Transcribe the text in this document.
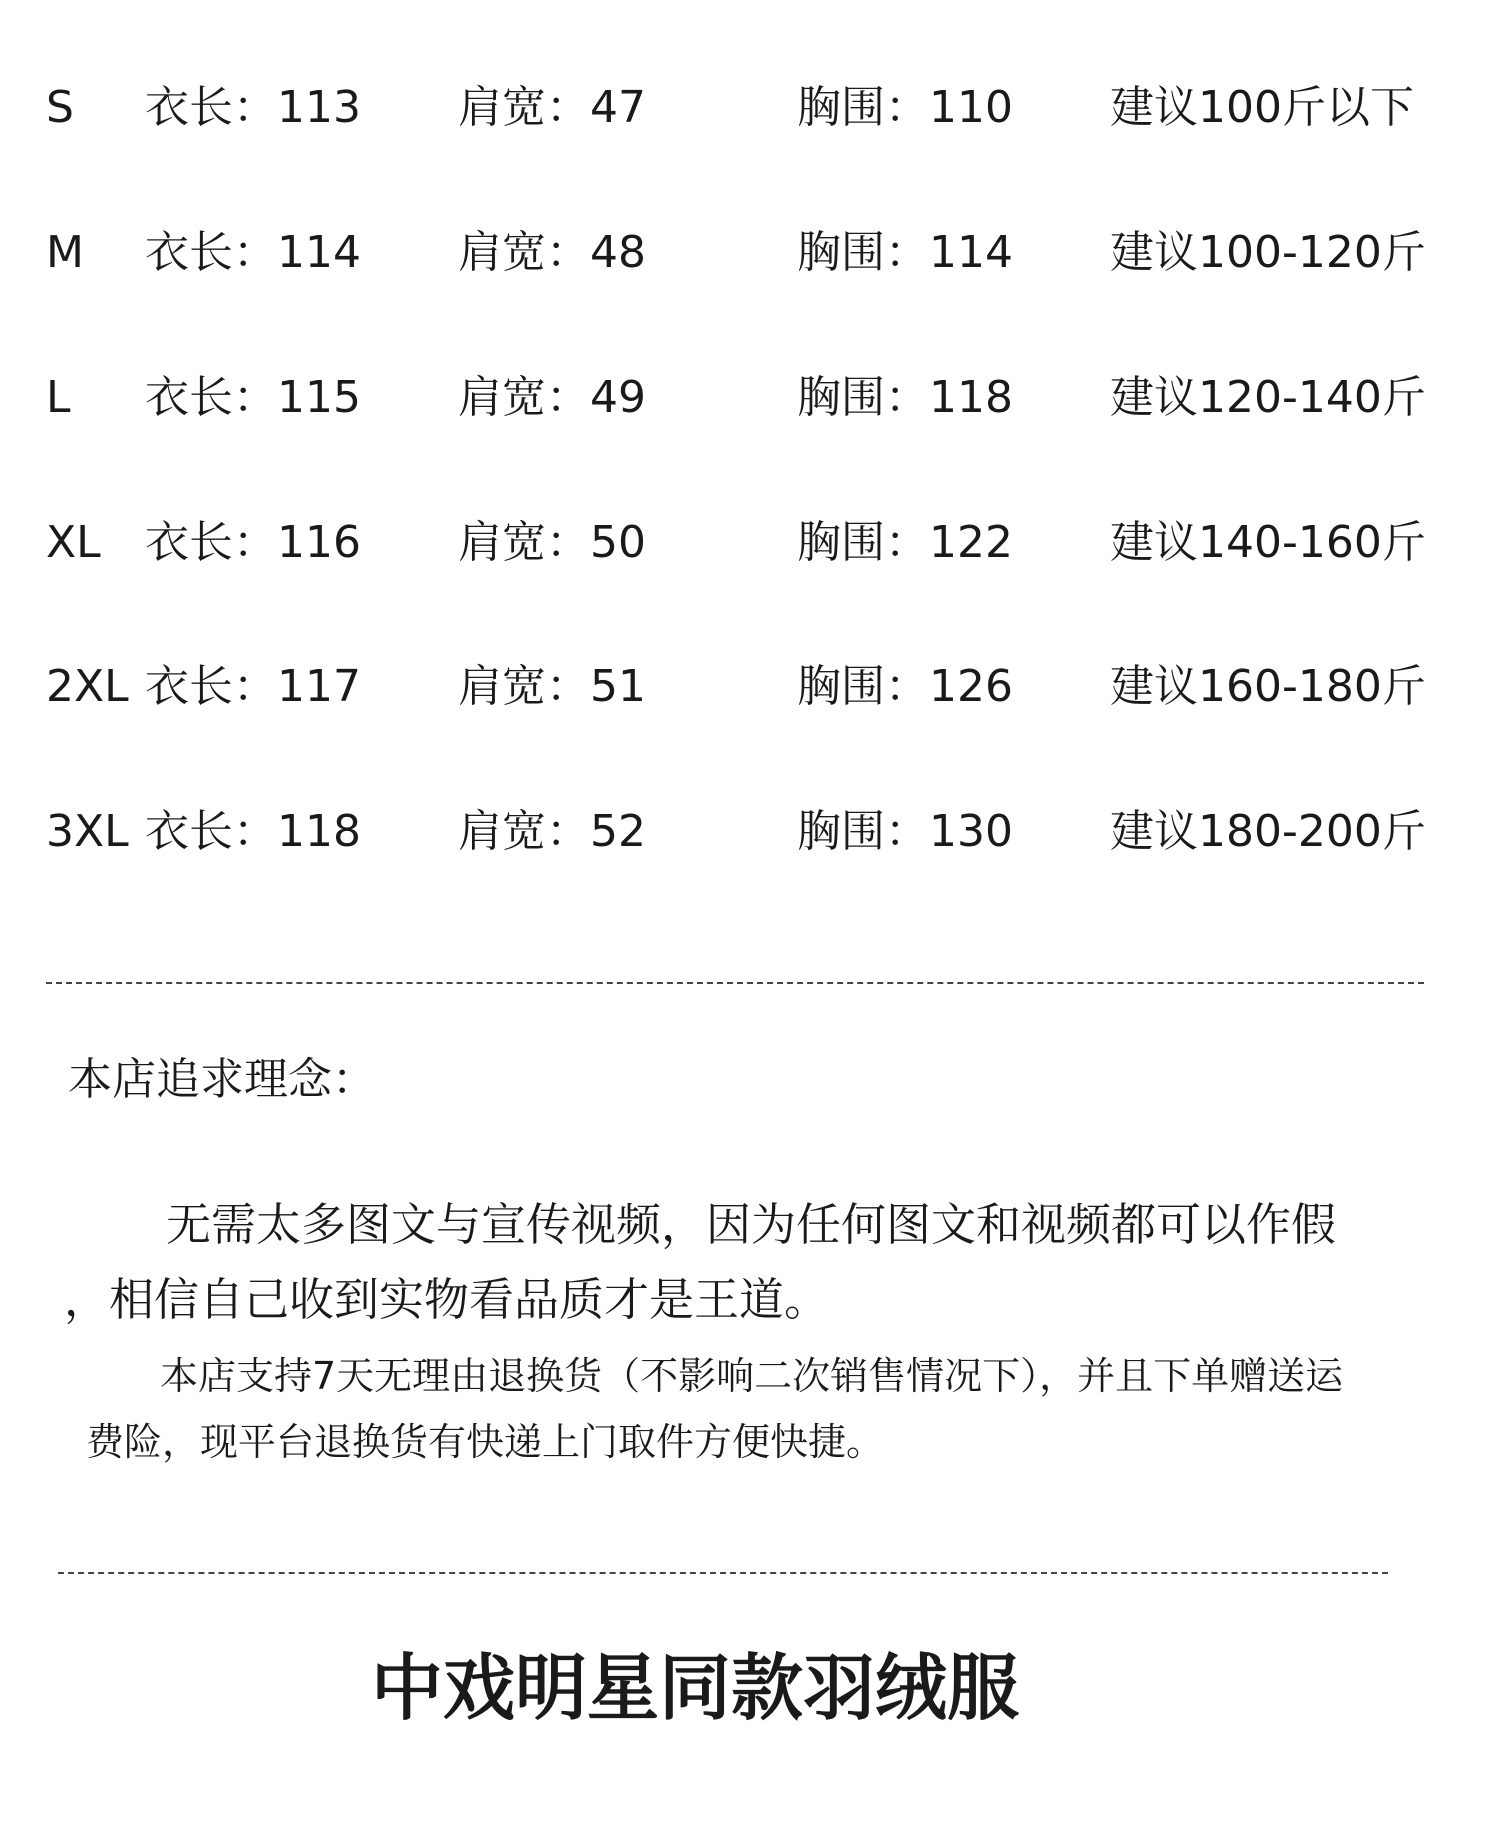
S 衣长：113 肩宽：47	胸围：110 建议100斤以下
M 衣长：114 肩宽：48	胸围：114 建议100-120斤
L 衣长：115 肩宽：49	胸围：118 建议120-140斤
XL 衣长：116 肩宽：50	胸围：122 建议140-160斤
2XL 衣长：117 肩宽：51	胸围：126 建议160-180斤
3XL 衣长：118 肩宽：52	胸围：130 建议180-200斤
本店追求理念：
无需太多图文与宣传视频，因为任何图文和视频都可以作假
，相信自己收到实物看品质才是王道。
本店支持7天无理由退换货（不影响二次销售情况下），并且下单赠送运
费险，现平台退换货有快递上门取件方便快捷。
中戏明星同款羽绒服
